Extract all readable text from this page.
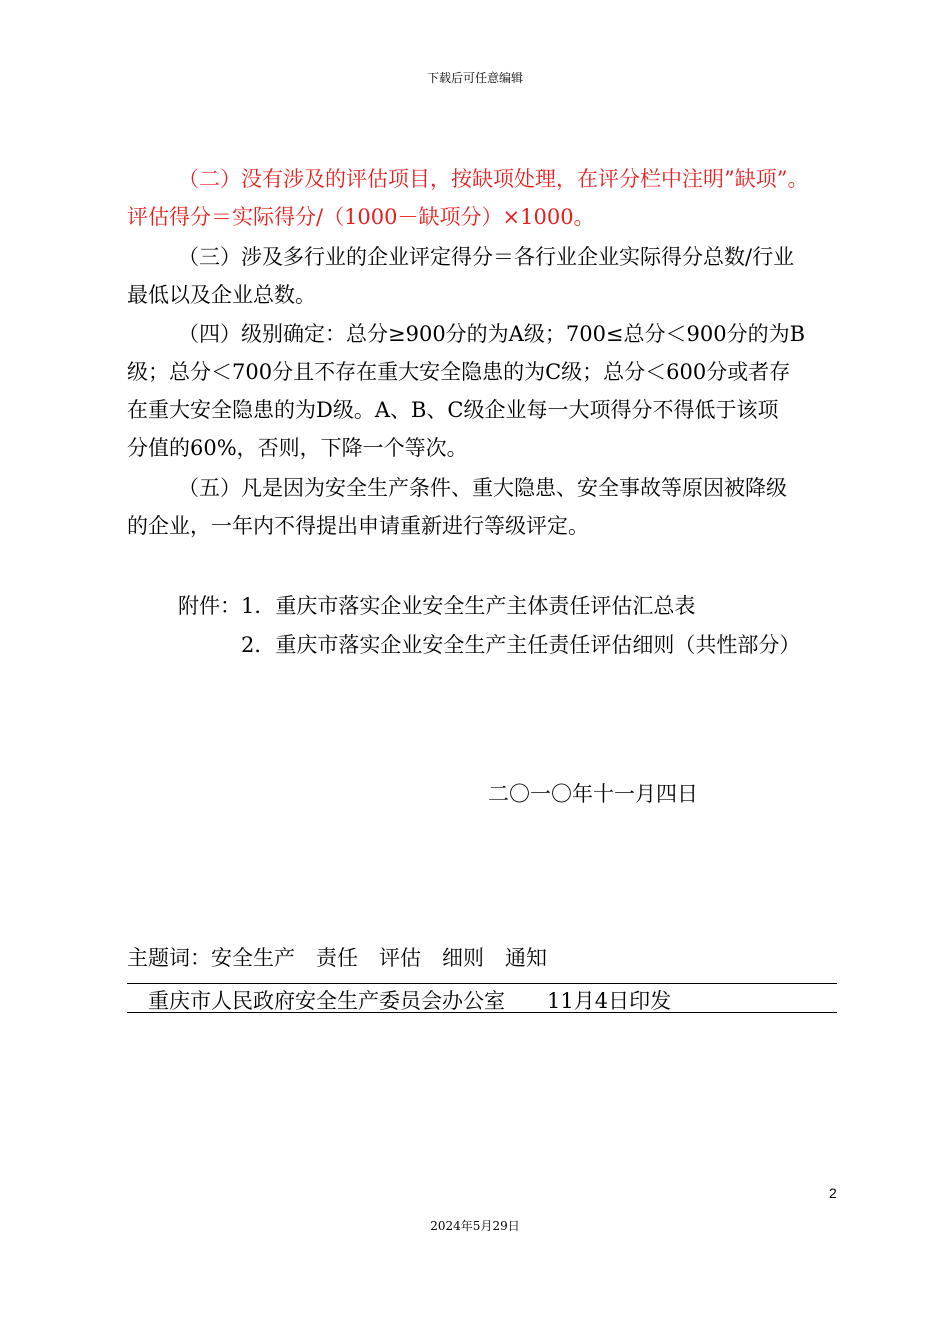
下载后可任意编辑
（二）没有涉及的评估项目，按缺项处理，在评分栏中注明”缺项”。
评估得分＝实际得分/（1000－缺项分）×1000。
（三）涉及多行业的企业评定得分＝各行业企业实际得分总数/行业
最低以及企业总数。
（四）级别确定：总分≥900分的为A级；700≤总分＜900分的为B
级；总分＜700分且不存在重大安全隐患的为C级；总分＜600分或者存
在重大安全隐患的为D级。A、B、C级企业每一大项得分不得低于该项
分值的60%，否则，下降一个等次。
（五）凡是因为安全生产条件、重大隐患、安全事故等原因被降级
的企业，一年内不得提出申请重新进行等级评定。
附件：1．重庆市落实企业安全生产主体责任评估汇总表
2．重庆市落实企业安全生产主任责任评估细则（共性部分）
二〇一〇年十一月四日
主题词：安全生产　责任　评估　细则　通知
重庆市人民政府安全生产委员会办公室　　11月4日印发
2
2024年5月29日
